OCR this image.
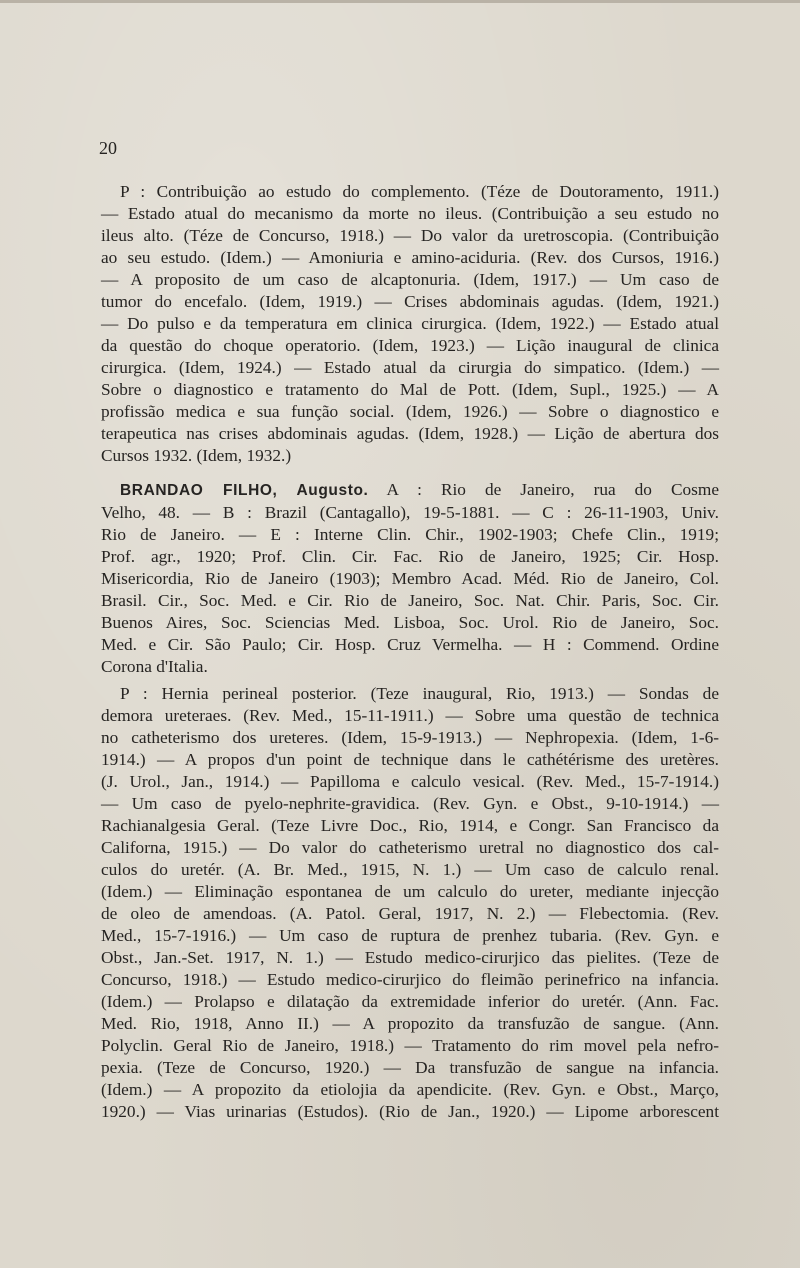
20
P : Contribuição ao estudo do complemento. (Téze de Doutoramento, 1911.)
— Estado atual do mecanismo da morte no ileus. (Contribuição a seu estudo no
ileus alto. (Téze de Concurso, 1918.) — Do valor da uretroscopia. (Contribuição
ao seu estudo. (Idem.) — Amoniuria e amino-aciduria. (Rev. dos Cursos, 1916.)
— A proposito de um caso de alcaptonuria. (Idem, 1917.) — Um caso de
tumor do encefalo. (Idem, 1919.) — Crises abdominais agudas. (Idem, 1921.)
— Do pulso e da temperatura em clinica cirurgica. (Idem, 1922.) — Estado atual
da questão do choque operatorio. (Idem, 1923.) — Lição inaugural de clinica
cirurgica. (Idem, 1924.) — Estado atual da cirurgia do simpatico. (Idem.) —
Sobre o diagnostico e tratamento do Mal de Pott. (Idem, Supl., 1925.) — A
profissão medica e sua função social. (Idem, 1926.) — Sobre o diagnostico e
terapeutica nas crises abdominais agudas. (Idem, 1928.) — Lição de abertura dos
Cursos 1932. (Idem, 1932.)
BRANDAO FILHO, Augusto. A : Rio de Janeiro, rua do Cosme
Velho, 48. — B : Brazil (Cantagallo), 19-5-1881. — C : 26-11-1903, Univ.
Rio de Janeiro. — E : Interne Clin. Chir., 1902-1903; Chefe Clin., 1919;
Prof. agr., 1920; Prof. Clin. Cir. Fac. Rio de Janeiro, 1925; Cir. Hosp.
Misericordia, Rio de Janeiro (1903); Membro Acad. Méd. Rio de Janeiro, Col.
Brasil. Cir., Soc. Med. e Cir. Rio de Janeiro, Soc. Nat. Chir. Paris, Soc. Cir.
Buenos Aires, Soc. Sciencias Med. Lisboa, Soc. Urol. Rio de Janeiro, Soc.
Med. e Cir. São Paulo; Cir. Hosp. Cruz Vermelha. — H : Commend. Ordine
Corona d'Italia.
P : Hernia perineal posterior. (Teze inaugural, Rio, 1913.) — Sondas de
demora ureteraes. (Rev. Med., 15-11-1911.) — Sobre uma questão de technica
no catheterismo dos ureteres. (Idem, 15-9-1913.) — Nephropexia. (Idem, 1-6-
1914.) — A propos d'un point de technique dans le cathétérisme des uretères.
(J. Urol., Jan., 1914.) — Papilloma e calculo vesical. (Rev. Med., 15-7-1914.)
— Um caso de pyelo-nephrite-gravidica. (Rev. Gyn. e Obst., 9-10-1914.) —
Rachianalgesia Geral. (Teze Livre Doc., Rio, 1914, e Congr. San Francisco da
Californa, 1915.) — Do valor do catheterismo uretral no diagnostico dos cal-
culos do uretér. (A. Br. Med., 1915, N. 1.) — Um caso de calculo renal.
(Idem.) — Eliminação espontanea de um calculo do ureter, mediante injecção
de oleo de amendoas. (A. Patol. Geral, 1917, N. 2.) — Flebectomia. (Rev.
Med., 15-7-1916.) — Um caso de ruptura de prenhez tubaria. (Rev. Gyn. e
Obst., Jan.-Set. 1917, N. 1.) — Estudo medico-cirurjico das pielites. (Teze de
Concurso, 1918.) — Estudo medico-cirurjico do fleimão perinefrico na infancia.
(Idem.) — Prolapso e dilatação da extremidade inferior do uretér. (Ann. Fac.
Med. Rio, 1918, Anno II.) — A propozito da transfuzão de sangue. (Ann.
Polyclin. Geral Rio de Janeiro, 1918.) — Tratamento do rim movel pela nefro-
pexia. (Teze de Concurso, 1920.) — Da transfuzão de sangue na infancia.
(Idem.) — A propozito da etiolojia da apendicite. (Rev. Gyn. e Obst., Março,
1920.) — Vias urinarias (Estudos). (Rio de Jan., 1920.) — Lipome arborescent
